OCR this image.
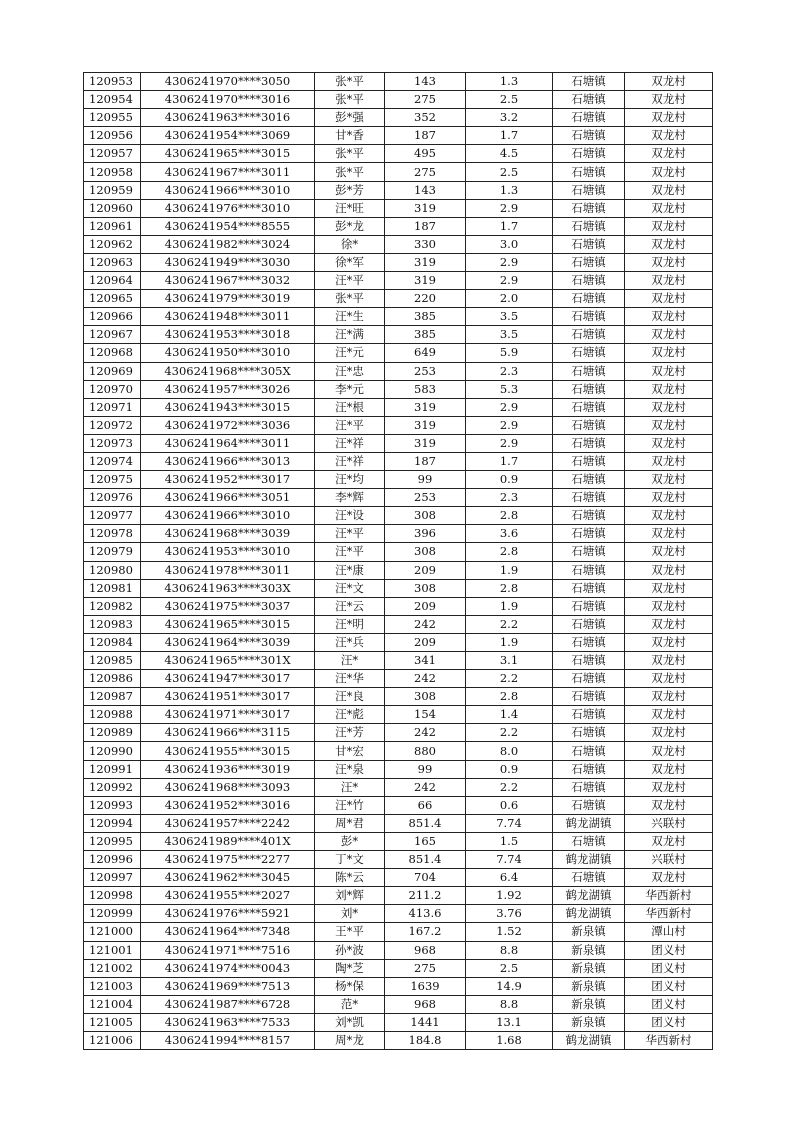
120953	4306241970****3050	张*平	143	1.3	石塘镇	双龙村
120954	4306241970****3016	张*平	275	2.5	石塘镇	双龙村
120955	4306241963****3016	彭*强	352	3.2	石塘镇	双龙村
120956	4306241954****3069	甘*香	187	1.7	石塘镇	双龙村
120957	4306241965****3015	张*平	495	4.5	石塘镇	双龙村
120958	4306241967****3011	张*平	275	2.5	石塘镇	双龙村
120959	4306241966****3010	彭*芳	143	1.3	石塘镇	双龙村
120960	4306241976****3010	汪*旺	319	2.9	石塘镇	双龙村
120961	4306241954****8555	彭*龙	187	1.7	石塘镇	双龙村
120962	4306241982****3024	徐*	330	3.0	石塘镇	双龙村
120963	4306241949****3030	徐*军	319	2.9	石塘镇	双龙村
120964	4306241967****3032	汪*平	319	2.9	石塘镇	双龙村
120965	4306241979****3019	张*平	220	2.0	石塘镇	双龙村
120966	4306241948****3011	汪*生	385	3.5	石塘镇	双龙村
120967	4306241953****3018	汪*满	385	3.5	石塘镇	双龙村
120968	4306241950****3010	汪*元	649	5.9	石塘镇	双龙村
120969	4306241968****305X	汪*忠	253	2.3	石塘镇	双龙村
120970	4306241957****3026	李*元	583	5.3	石塘镇	双龙村
120971	4306241943****3015	汪*根	319	2.9	石塘镇	双龙村
120972	4306241972****3036	汪*平	319	2.9	石塘镇	双龙村
120973	4306241964****3011	汪*祥	319	2.9	石塘镇	双龙村
120974	4306241966****3013	汪*祥	187	1.7	石塘镇	双龙村
120975	4306241952****3017	汪*均	99	0.9	石塘镇	双龙村
120976	4306241966****3051	李*辉	253	2.3	石塘镇	双龙村
120977	4306241966****3010	汪*设	308	2.8	石塘镇	双龙村
120978	4306241968****3039	汪*平	396	3.6	石塘镇	双龙村
120979	4306241953****3010	汪*平	308	2.8	石塘镇	双龙村
120980	4306241978****3011	汪*康	209	1.9	石塘镇	双龙村
120981	4306241963****303X	汪*文	308	2.8	石塘镇	双龙村
120982	4306241975****3037	汪*云	209	1.9	石塘镇	双龙村
120983	4306241965****3015	汪*明	242	2.2	石塘镇	双龙村
120984	4306241964****3039	汪*兵	209	1.9	石塘镇	双龙村
120985	4306241965****301X	汪*	341	3.1	石塘镇	双龙村
120986	4306241947****3017	汪*华	242	2.2	石塘镇	双龙村
120987	4306241951****3017	汪*良	308	2.8	石塘镇	双龙村
120988	4306241971****3017	汪*彪	154	1.4	石塘镇	双龙村
120989	4306241966****3115	汪*芳	242	2.2	石塘镇	双龙村
120990	4306241955****3015	甘*宏	880	8.0	石塘镇	双龙村
120991	4306241936****3019	汪*泉	99	0.9	石塘镇	双龙村
120992	4306241968****3093	汪*	242	2.2	石塘镇	双龙村
120993	4306241952****3016	汪*竹	66	0.6	石塘镇	双龙村
120994	4306241957****2242	周*君	851.4	7.74	鹤龙湖镇	兴联村
120995	4306241989****401X	彭*	165	1.5	石塘镇	双龙村
120996	4306241975****2277	丁*文	851.4	7.74	鹤龙湖镇	兴联村
120997	4306241962****3045	陈*云	704	6.4	石塘镇	双龙村
120998	4306241955****2027	刘*辉	211.2	1.92	鹤龙湖镇	华西新村
120999	4306241976****5921	刘*	413.6	3.76	鹤龙湖镇	华西新村
121000	4306241964****7348	王*平	167.2	1.52	新泉镇	潭山村
121001	4306241971****7516	孙*波	968	8.8	新泉镇	团义村
121002	4306241974****0043	陶*芝	275	2.5	新泉镇	团义村
121003	4306241969****7513	杨*保	1639	14.9	新泉镇	团义村
121004	4306241987****6728	范*	968	8.8	新泉镇	团义村
121005	4306241963****7533	刘*凯	1441	13.1	新泉镇	团义村
121006	4306241994****8157	周*龙	184.8	1.68	鹤龙湖镇	华西新村
